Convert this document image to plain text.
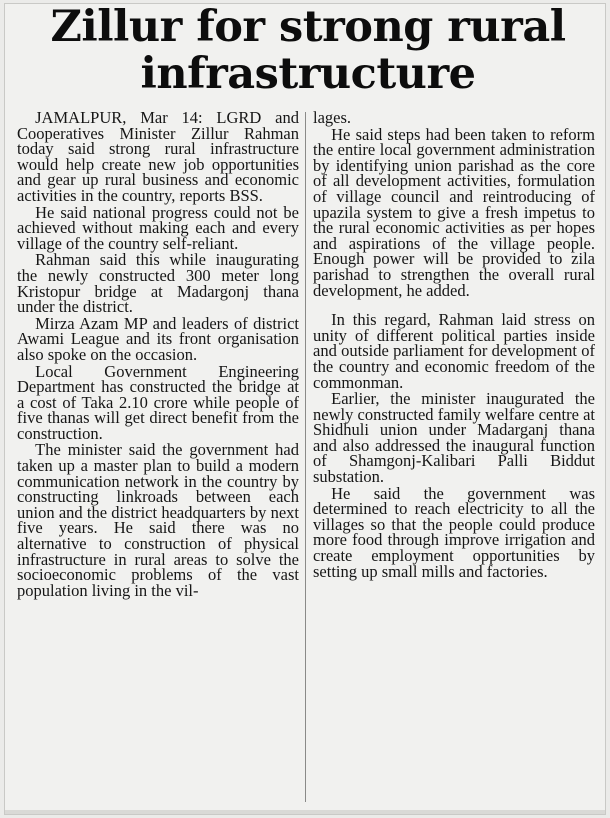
Zillur for strong rural infrastructure

JAMALPUR, Mar 14: LGRD and Cooperatives Minister Zillur Rahman today said strong rural infrastructure would help create new job opportunities and gear up rural business and economic activities in the country, reports BSS.

He said national progress could not be achieved without making each and every village of the country self-reliant.

Rahman said this while inaugurating the newly constructed 300 meter long Kristopur bridge at Madargonj thana under the district.

Mirza Azam MP and leaders of district Awami League and its front organisation also spoke on the occasion.

Local Government Engineering Department has constructed the bridge at a cost of Taka 2.10 crore while people of five thanas will get direct benefit from the construction.

The minister said the government had taken up a master plan to build a modern communication network in the country by constructing linkroads between each union and the district headquarters by next five years. He said there was no alternative to construction of physical infrastructure in rural areas to solve the socioeconomic problems of the vast population living in the vil-

lages.

He said steps had been taken to reform the entire local government administration by identifying union parishad as the core of all development activities, formulation of village council and reintroducing of upazila system to give a fresh impetus to the rural economic activities as per hopes and aspirations of the village people. Enough power will be provided to zila parishad to strengthen the overall rural development, he added.

In this regard, Rahman laid stress on unity of different political parties inside and outside parliament for development of the country and economic freedom of the commonman.

Earlier, the minister inaugurated the newly constructed family welfare centre at Shidhuli union under Madarganj thana and also addressed the inaugural function of Shamgonj-Kalibari Palli Biddut substation.

He said the government was determined to reach electricity to all the villages so that the people could produce more food through improve irrigation and create employment opportunities by setting up small mills and factories.
